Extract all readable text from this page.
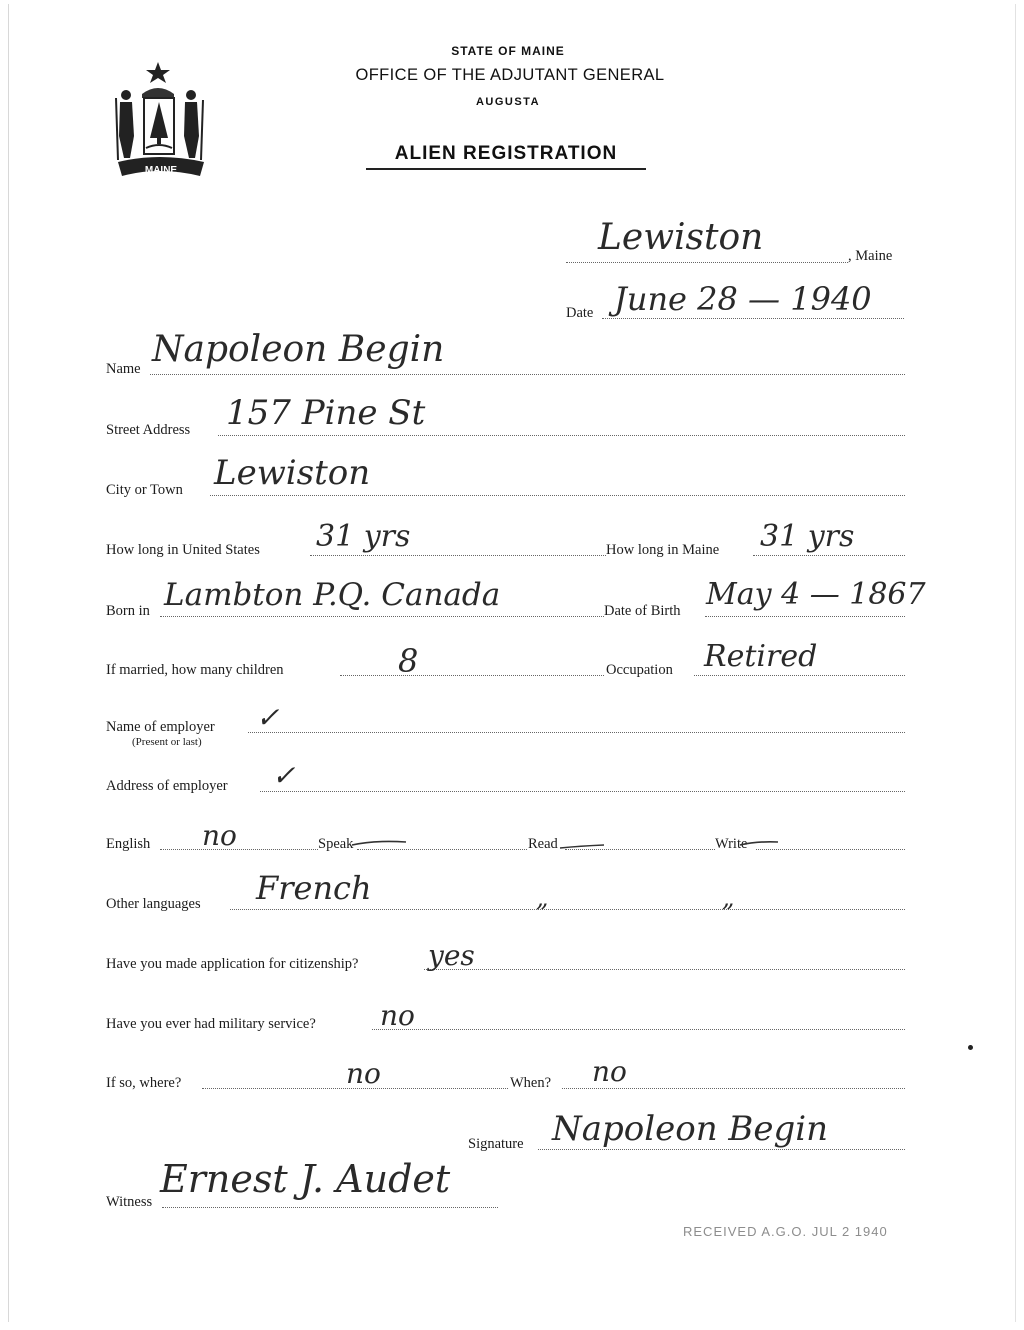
MAINE
STATE OF MAINE
OFFICE OF THE ADJUTANT GENERAL
AUGUSTA
ALIEN REGISTRATION
Lewiston	, Maine
Date June 28 — 1940
Name Napoleon Begin
Street Address 157 Pine St
City or Town Lewiston
How long in United States 31 yrs	How long in Maine 31 yrs
Born in Lambton P.Q. Canada	Date of Birth May 4 — 1867
If married, how many children	8	Occupation Retired
Name of employer
(Present or last)
✓
Address of employer ✓
English no	Speak	Read	Write
Other languages French	„	„
Have you made application for citizenship? yes
Have you ever had military service? no
If so, where?	no	When? no
Signature Napoleon Begin
Witness
Ernest J. Audet
RECEIVED A.G.O. JUL 2 1940
